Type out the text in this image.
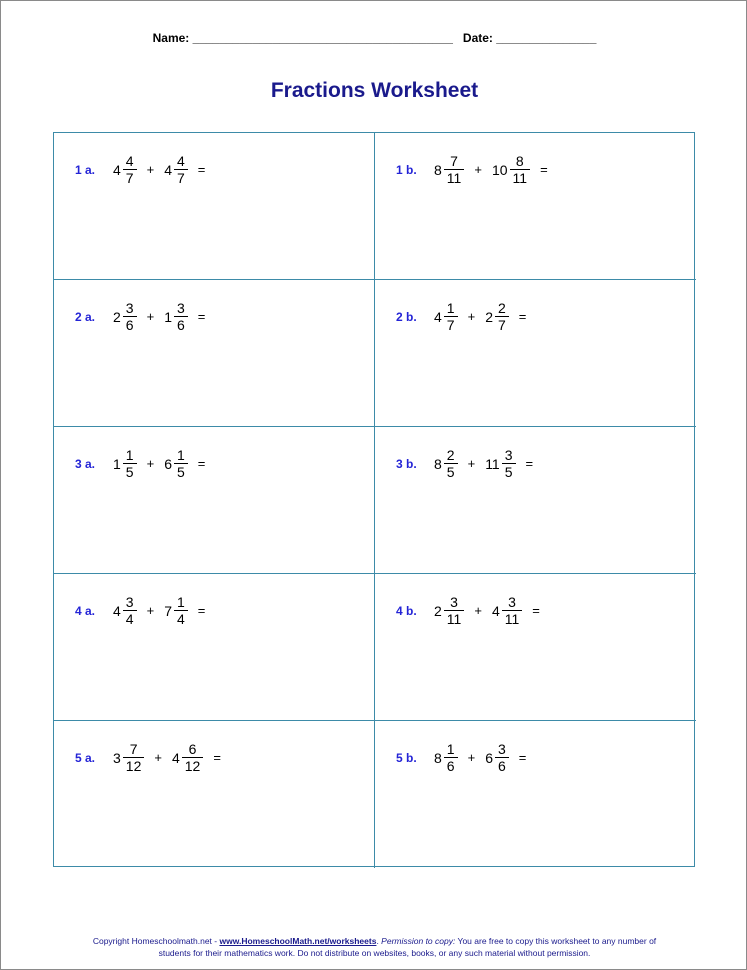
Name: _______________________________________   Date: _______________
Fractions Worksheet
1 a.	$4 \frac{4}{7} + 4 \frac{4}{7}$ =	1 b.	$8 \frac{7}{11} + 10 \frac{8}{11}$ =
2 a.	$2 \frac{3}{6} + 1 \frac{3}{6}$ =	2 b.	$4 \frac{1}{7} + 2 \frac{2}{7}$ =
3 a.	$1 \frac{1}{5} + 6 \frac{1}{5}$ =	3 b.	$8 \frac{2}{5} + 11 \frac{3}{5}$ =
4 a.	$4 \frac{3}{4} + 7 \frac{1}{4}$ =	4 b.	$2 \frac{3}{11} + 4 \frac{3}{11}$ =
5 a.	$3 \frac{7}{12} + 4 \frac{6}{12}$ =	5 b.	$8 \frac{1}{6} + 6 \frac{3}{6}$ =
Copyright Homeschoolmath.net - www.HomeschoolMath.net/worksheets. Permission to copy: You are free to copy this worksheet to any number of students for their mathematics work. Do not distribute on websites, books, or any such material without permission.
